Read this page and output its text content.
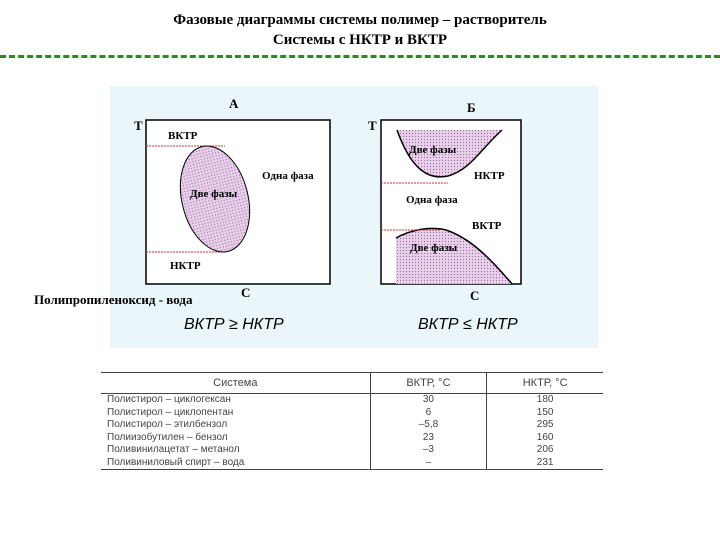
Фазовые диаграммы системы полимер – растворитель
Системы с НКТР и ВКТР
А
Т
ВКТР
Одна фаза
Две фазы
НКТР
С
Полипропиленоксид - вода
ВКТР ≥ НКТР
Б
Т
Две фазы
НКТР
Одна фаза
ВКТР
Две фазы
С
ВКТР ≤ НКТР
Система	ВКТР, °С	НКТР, °С
Полистирол – циклогексан	30	180
Полистирол – циклопентан	6	150
Полистирол – этилбензол	–5,8	295
Полиизобутилен – бензол	23	160
Поливинилацетат – метанол	–3	206
Поливиниловый спирт – вода	–	231
